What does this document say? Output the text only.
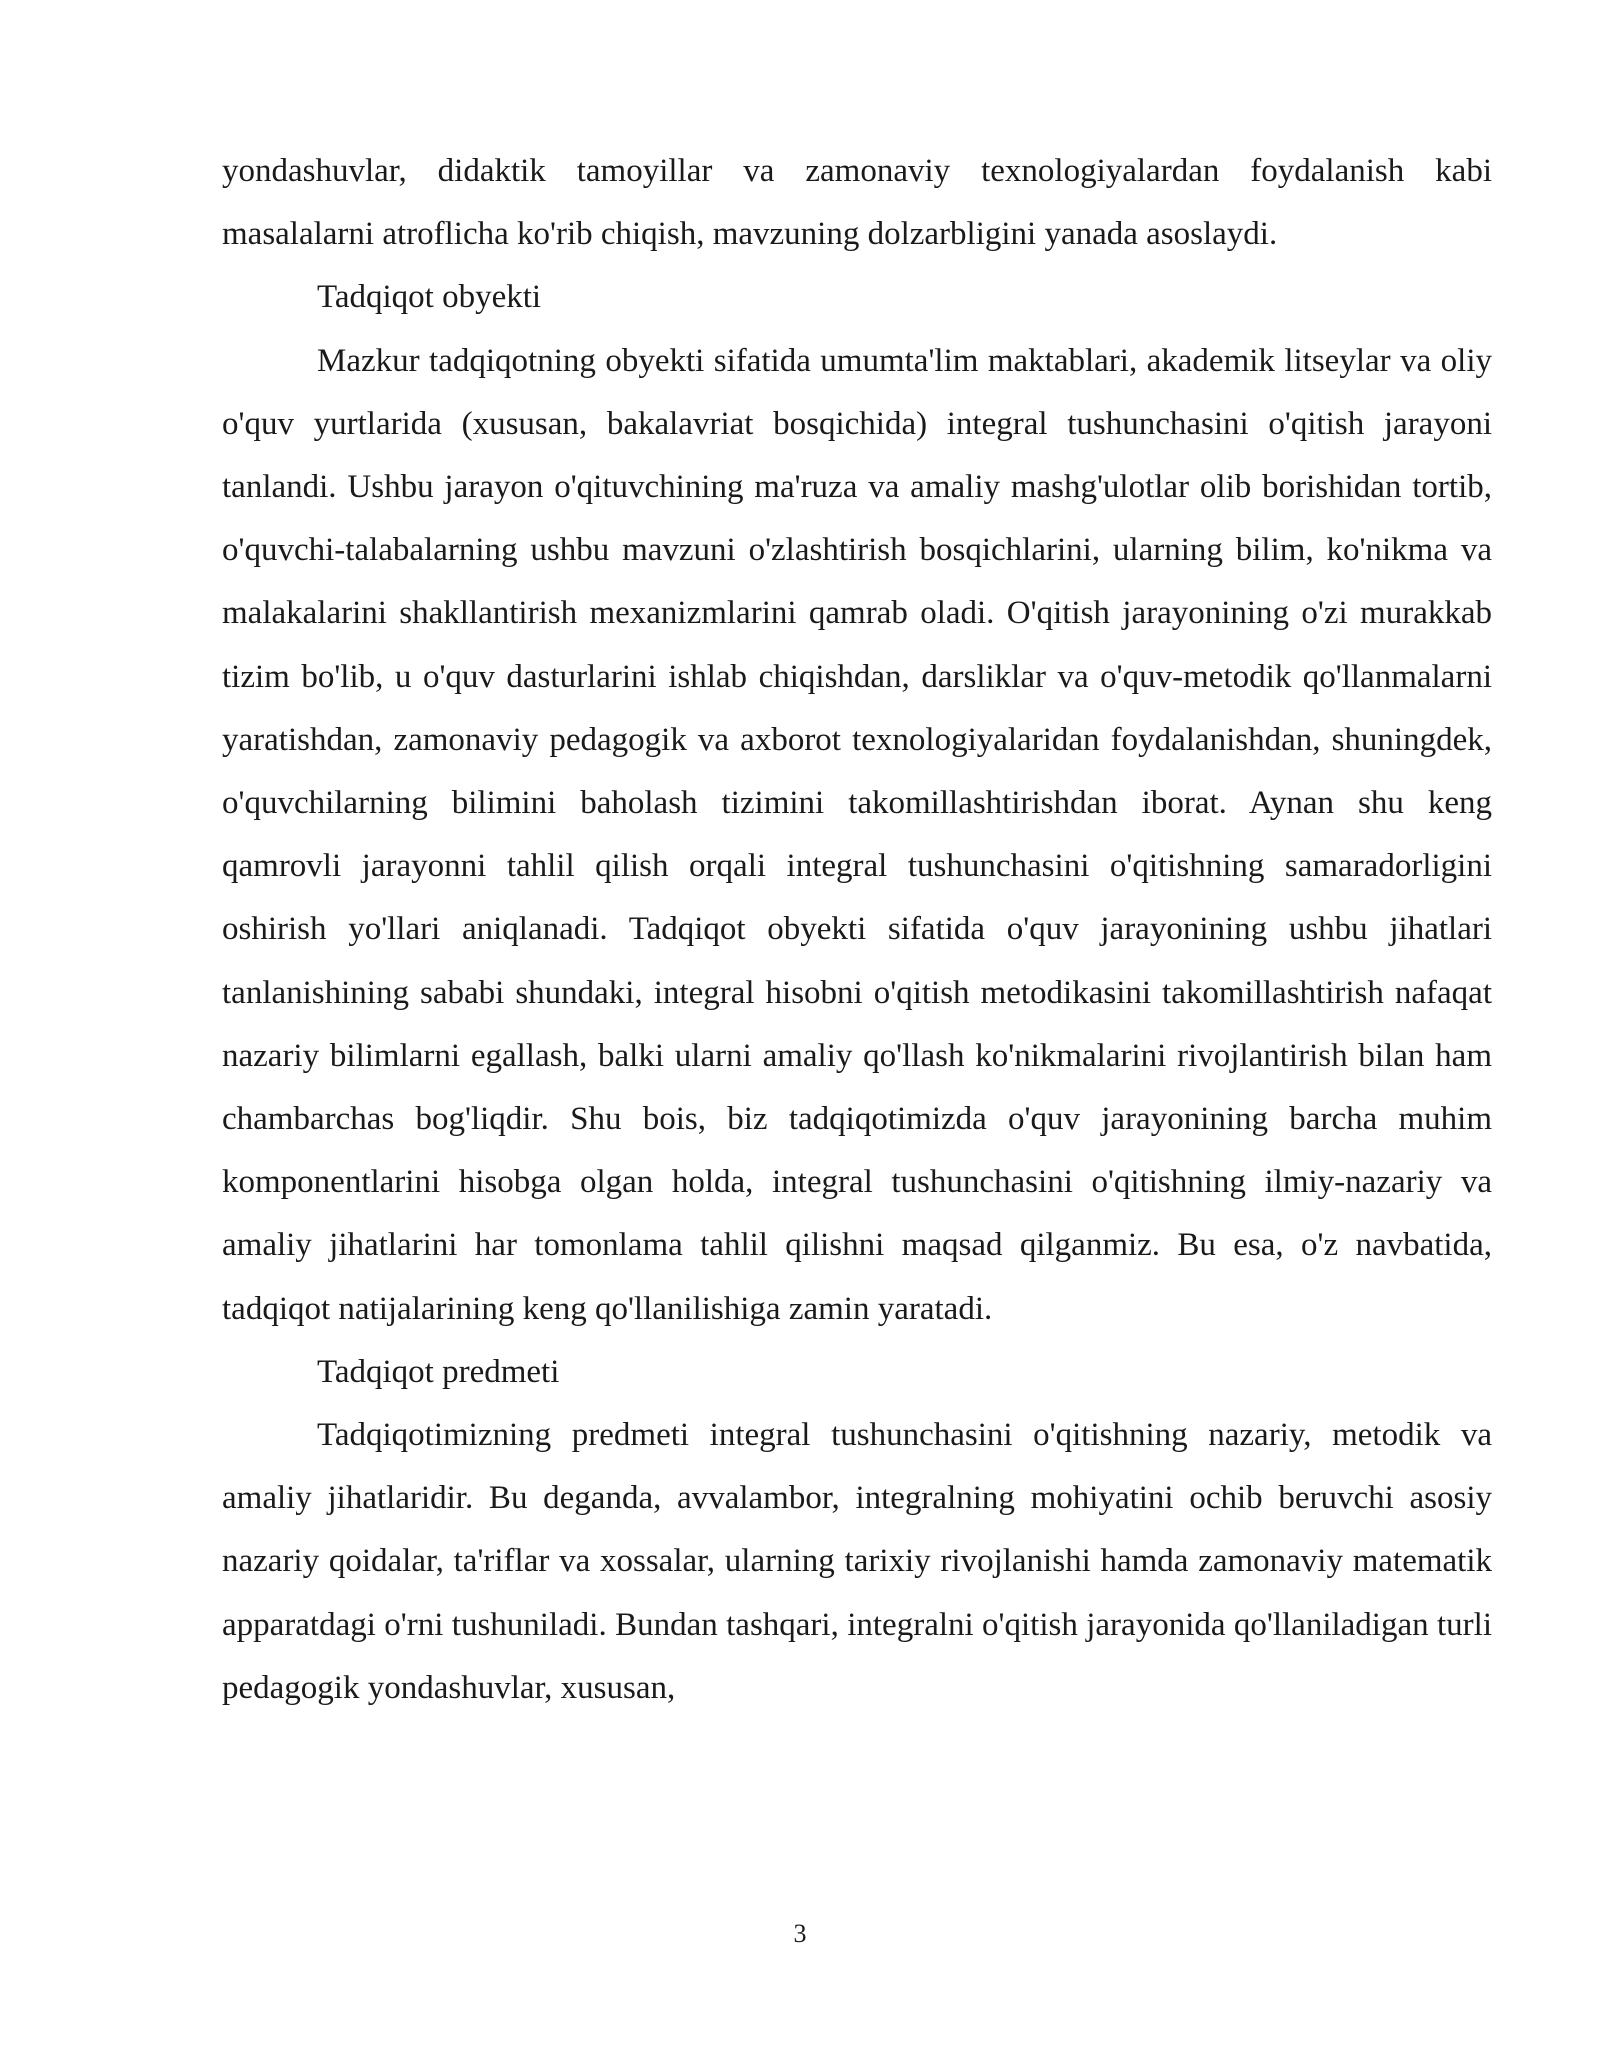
yondashuvlar, didaktik tamoyillar va zamonaviy texnologiyalardan foydalanish kabi masalalarni atroflicha ko'rib chiqish, mavzuning dolzarbligini yanada asoslaydi.

Tadqiqot obyekti

Mazkur tadqiqotning obyekti sifatida umumta'lim maktablari, akademik litseylar va oliy o'quv yurtlarida (xususan, bakalavriat bosqichida) integral tushunchasini o'qitish jarayoni tanlandi. Ushbu jarayon o'qituvchining ma'ruza va amaliy mashg'ulotlar olib borishidan tortib, o'quvchi-talabalarning ushbu mavzuni o'zlashtirish bosqichlarini, ularning bilim, ko'nikma va malakalarini shakllantirish mexanizmlarini qamrab oladi. O'qitish jarayonining o'zi murakkab tizim bo'lib, u o'quv dasturlarini ishlab chiqishdan, darsliklar va o'quv-metodik qo'llanmalarni yaratishdan, zamonaviy pedagogik va axborot texnologiyalaridan foydalanishdan, shuningdek, o'quvchilarning bilimini baholash tizimini takomillashtirishdan iborat. Aynan shu keng qamrovli jarayonni tahlil qilish orqali integral tushunchasini o'qitishning samaradorligini oshirish yo'llari aniqlanadi. Tadqiqot obyekti sifatida o'quv jarayonining ushbu jihatlari tanlanishining sababi shundaki, integral hisobni o'qitish metodikasini takomillashtirish nafaqat nazariy bilimlarni egallash, balki ularni amaliy qo'llash ko'nikmalarini rivojlantirish bilan ham chambarchas bog'liqdir. Shu bois, biz tadqiqotimizda o'quv jarayonining barcha muhim komponentlarini hisobga olgan holda, integral tushunchasini o'qitishning ilmiy-nazariy va amaliy jihatlarini har tomonlama tahlil qilishni maqsad qilganmiz. Bu esa, o'z navbatida, tadqiqot natijalarining keng qo'llanilishiga zamin yaratadi.

Tadqiqot predmeti

Tadqiqotimizning predmeti integral tushunchasini o'qitishning nazariy, metodik va amaliy jihatlaridir. Bu deganda, avvalambor, integralning mohiyatini ochib beruvchi asosiy nazariy qoidalar, ta'riflar va xossalar, ularning tarixiy rivojlanishi hamda zamonaviy matematik apparatdagi o'rni tushuniladi. Bundan tashqari, integralni o'qitish jarayonida qo'llaniladigan turli pedagogik yondashuvlar, xususan,

3
